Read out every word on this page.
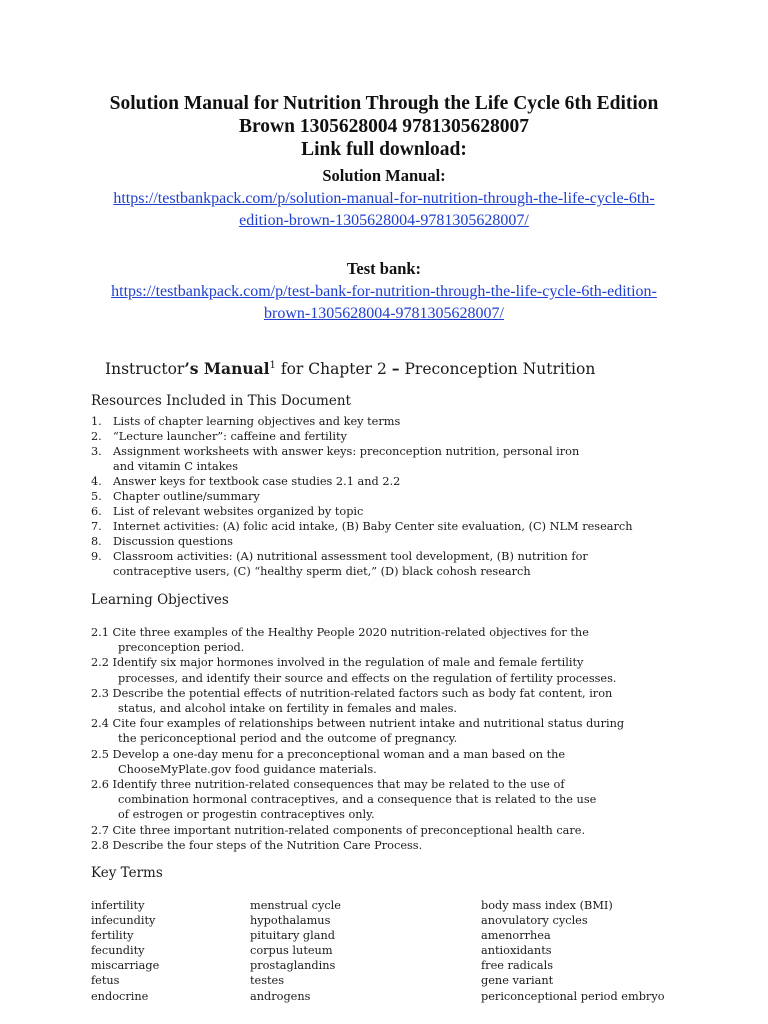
Solution Manual for Nutrition Through the Life Cycle 6th Edition
Brown 1305628004 9781305628007
Link full download:
Solution Manual:
https://testbankpack.com/p/solution-manual-for-nutrition-through-the-life-cycle-6th-
edition-brown-1305628004-9781305628007/
Test bank:
https://testbankpack.com/p/test-bank-for-nutrition-through-the-life-cycle-6th-edition-
brown-1305628004-9781305628007/
Instructor’s Manual$^1$ for Chapter 2 – Preconception Nutrition
Resources Included in This Document
1. Lists of chapter learning objectives and key terms
2. “Lecture launcher”: caffeine and fertility
3. Assignment worksheets with answer keys: preconception nutrition, personal iron
and vitamin C intakes
4. Answer keys for textbook case studies 2.1 and 2.2
5. Chapter outline/summary
6. List of relevant websites organized by topic
7. Internet activities: (A) folic acid intake, (B) Baby Center site evaluation, (C) NLM research
8. Discussion questions
9. Classroom activities: (A) nutritional assessment tool development, (B) nutrition for
contraceptive users, (C) “healthy sperm diet,” (D) black cohosh research
Learning Objectives
2.1 Cite three examples of the Healthy People 2020 nutrition-related objectives for the
preconception period.
2.2 Identify six major hormones involved in the regulation of male and female fertility
processes, and identify their source and effects on the regulation of fertility processes.
2.3 Describe the potential effects of nutrition-related factors such as body fat content, iron
status, and alcohol intake on fertility in females and males.
2.4 Cite four examples of relationships between nutrient intake and nutritional status during
the periconceptional period and the outcome of pregnancy.
2.5 Develop a one-day menu for a preconceptional woman and a man based on the
ChooseMyPlate.gov food guidance materials.
2.6 Identify three nutrition-related consequences that may be related to the use of
combination hormonal contraceptives, and a consequence that is related to the use
of estrogen or progestin contraceptives only.
2.7 Cite three important nutrition-related components of preconceptional health care.
2.8 Describe the four steps of the Nutrition Care Process.
Key Terms
infertility
infecundity
fertility
fecundity
miscarriage
fetus
endocrine
menstrual cycle
hypothalamus
pituitary gland
corpus luteum
prostaglandins
testes
androgens
body mass index (BMI)
anovulatory cycles
amenorrhea
antioxidants
free radicals
gene variant
periconceptional period embryo
